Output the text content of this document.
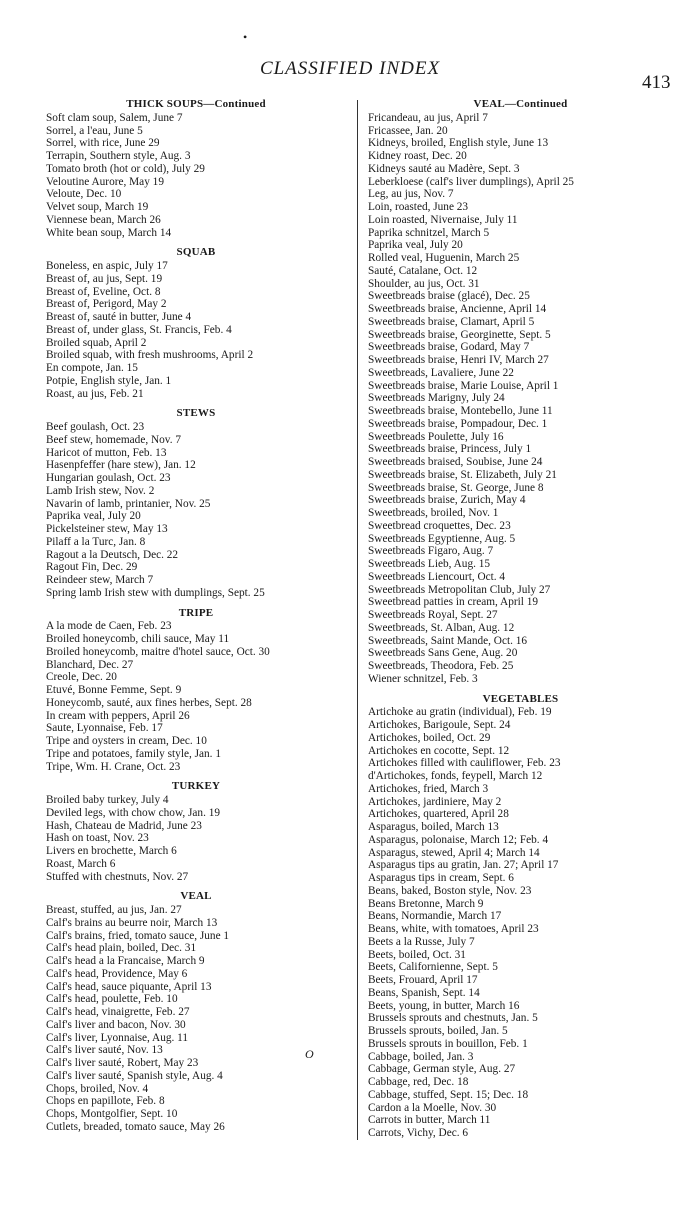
•
CLASSIFIED INDEX
413
THICK SOUPS—Continued
Soft clam soup, Salem, June 7
Sorrel, a l'eau, June 5
Sorrel, with rice, June 29
Terrapin, Southern style, Aug. 3
Tomato broth (hot or cold), July 29
Veloutine Aurore, May 19
Veloute, Dec. 10
Velvet soup, March 19
Viennese bean, March 26
White bean soup, March 14
SQUAB
Boneless, en aspic, July 17
Breast of, au jus, Sept. 19
Breast of, Eveline, Oct. 8
Breast of, Perigord, May 2
Breast of, sauté in butter, June 4
Breast of, under glass, St. Francis, Feb. 4
Broiled squab, April 2
Broiled squab, with fresh mushrooms, April 2
En compote, Jan. 15
Potpie, English style, Jan. 1
Roast, au jus, Feb. 21
STEWS
Beef goulash, Oct. 23
Beef stew, homemade, Nov. 7
Haricot of mutton, Feb. 13
Hasenpfeffer (hare stew), Jan. 12
Hungarian goulash, Oct. 23
Lamb Irish stew, Nov. 2
Navarin of lamb, printanier, Nov. 25
Paprika veal, July 20
Pickelsteiner stew, May 13
Pilaff a la Turc, Jan. 8
Ragout a la Deutsch, Dec. 22
Ragout Fin, Dec. 29
Reindeer stew, March 7
Spring lamb Irish stew with dumplings, Sept. 25
TRIPE
A la mode de Caen, Feb. 23
Broiled honeycomb, chili sauce, May 11
Broiled honeycomb, maitre d'hotel sauce, Oct. 30
Blanchard, Dec. 27
Creole, Dec. 20
Etuvé, Bonne Femme, Sept. 9
Honeycomb, sauté, aux fines herbes, Sept. 28
In cream with peppers, April 26
Saute, Lyonnaise, Feb. 17
Tripe and oysters in cream, Dec. 10
Tripe and potatoes, family style, Jan. 1
Tripe, Wm. H. Crane, Oct. 23
TURKEY
Broiled baby turkey, July 4
Deviled legs, with chow chow, Jan. 19
Hash, Chateau de Madrid, June 23
Hash on toast, Nov. 23
Livers en brochette, March 6
Roast, March 6
Stuffed with chestnuts, Nov. 27
VEAL
Breast, stuffed, au jus, Jan. 27
Calf's brains au beurre noir, March 13
Calf's brains, fried, tomato sauce, June 1
Calf's head plain, boiled, Dec. 31
Calf's head a la Francaise, March 9
Calf's head, Providence, May 6
Calf's head, sauce piquante, April 13
Calf's head, poulette, Feb. 10
Calf's head, vinaigrette, Feb. 27
Calf's liver and bacon, Nov. 30
Calf's liver, Lyonnaise, Aug. 11
Calf's liver sauté, Nov. 13
Calf's liver sauté, Robert, May 23
Calf's liver sauté, Spanish style, Aug. 4
Chops, broiled, Nov. 4
Chops en papillote, Feb. 8
Chops, Montgolfier, Sept. 10
Cutlets, breaded, tomato sauce, May 26
VEAL—Continued
Fricandeau, au jus, April 7
Fricassee, Jan. 20
Kidneys, broiled, English style, June 13
Kidney roast, Dec. 20
Kidneys sauté au Madère, Sept. 3
Leberkloese (calf's liver dumplings), April 25
Leg, au jus, Nov. 7
Loin, roasted, June 23
Loin roasted, Nivernaise, July 11
Paprika schnitzel, March 5
Paprika veal, July 20
Rolled veal, Huguenin, March 25
Sauté, Catalane, Oct. 12
Shoulder, au jus, Oct. 31
Sweetbreads braise (glacé), Dec. 25
Sweetbreads braise, Ancienne, April 14
Sweetbreads braise, Clamart, April 5
Sweetbreads braise, Georginette, Sept. 5
Sweetbreads braise, Godard, May 7
Sweetbreads braise, Henri IV, March 27
Sweetbreads, Lavaliere, June 22
Sweetbreads braise, Marie Louise, April 1
Sweetbreads Marigny, July 24
Sweetbreads braise, Montebello, June 11
Sweetbreads braise, Pompadour, Dec. 1
Sweetbreads Poulette, July 16
Sweetbreads braise, Princess, July 1
Sweetbreads braised, Soubise, June 24
Sweetbreads braise, St. Elizabeth, July 21
Sweetbreads braise, St. George, June 8
Sweetbreads braise, Zurich, May 4
Sweetbreads, broiled, Nov. 1
Sweetbread croquettes, Dec. 23
Sweetbreads Egyptienne, Aug. 5
Sweetbreads Figaro, Aug. 7
Sweetbreads Lieb, Aug. 15
Sweetbreads Liencourt, Oct. 4
Sweetbreads Metropolitan Club, July 27
Sweetbread patties in cream, April 19
Sweetbreads Royal, Sept. 27
Sweetbreads, St. Alban, Aug. 12
Sweetbreads, Saint Mande, Oct. 16
Sweetbreads Sans Gene, Aug. 20
Sweetbreads, Theodora, Feb. 25
Wiener schnitzel, Feb. 3
VEGETABLES
Artichoke au gratin (individual), Feb. 19
Artichokes, Barigoule, Sept. 24
Artichokes, boiled, Oct. 29
Artichokes en cocotte, Sept. 12
Artichokes filled with cauliflower, Feb. 23
d'Artichokes, fonds, feypell, March 12
Artichokes, fried, March 3
Artichokes, jardiniere, May 2
Artichokes, quartered, April 28
Asparagus, boiled, March 13
Asparagus, polonaise, March 12; Feb. 4
Asparagus, stewed, April 4; March 14
Asparagus tips au gratin, Jan. 27; April 17
Asparagus tips in cream, Sept. 6
Beans, baked, Boston style, Nov. 23
Beans Bretonne, March 9
Beans, Normandie, March 17
Beans, white, with tomatoes, April 23
Beets a la Russe, July 7
Beets, boiled, Oct. 31
Beets, Californienne, Sept. 5
Beets, Frouard, April 17
Beans, Spanish, Sept. 14
Beets, young, in butter, March 16
Brussels sprouts and chestnuts, Jan. 5
Brussels sprouts, boiled, Jan. 5
Brussels sprouts in bouillon, Feb. 1
Cabbage, boiled, Jan. 3
Cabbage, German style, Aug. 27
Cabbage, red, Dec. 18
Cabbage, stuffed, Sept. 15; Dec. 18
Cardon a la Moelle, Nov. 30
Carrots in butter, March 11
Carrots, Vichy, Dec. 6
O
